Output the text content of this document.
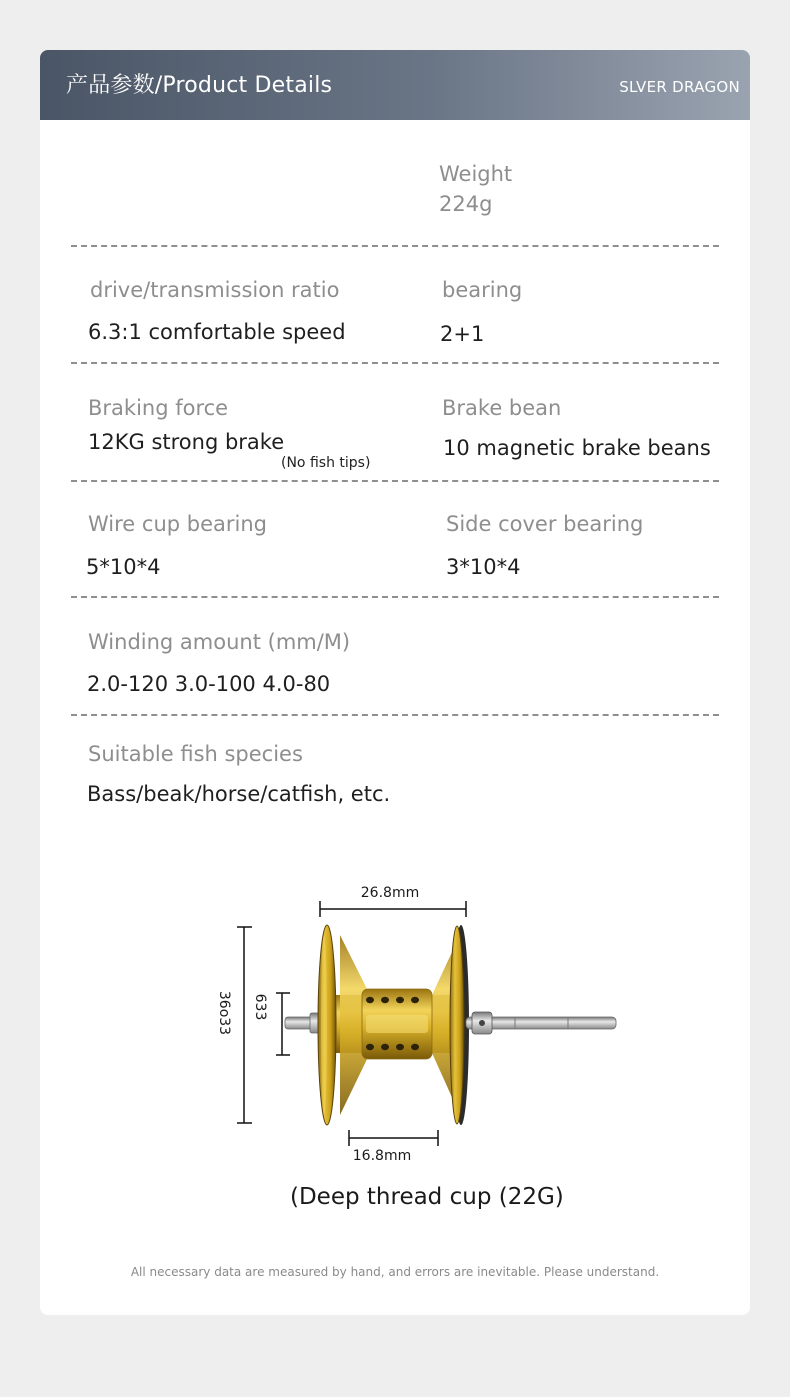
产品参数/Product Details	SLVER DRAGON
Weight
224g
drive/transmission ratio
6.3:1 comfortable speed
bearing
2+1
Braking force
12KG strong brake
(No fish tips)
Brake bean
10 magnetic brake beans
Wire cup bearing
5*10*4
Side cover bearing
3*10*4
Winding amount (mm/M)
2.0-120 3.0-100 4.0-80
Suitable fish species
Bass/beak/horse/catfish, etc.
26.8mm
36o33 633
16.8mm
(Deep thread cup (22G)
All necessary data are measured by hand, and errors are inevitable. Please understand.
